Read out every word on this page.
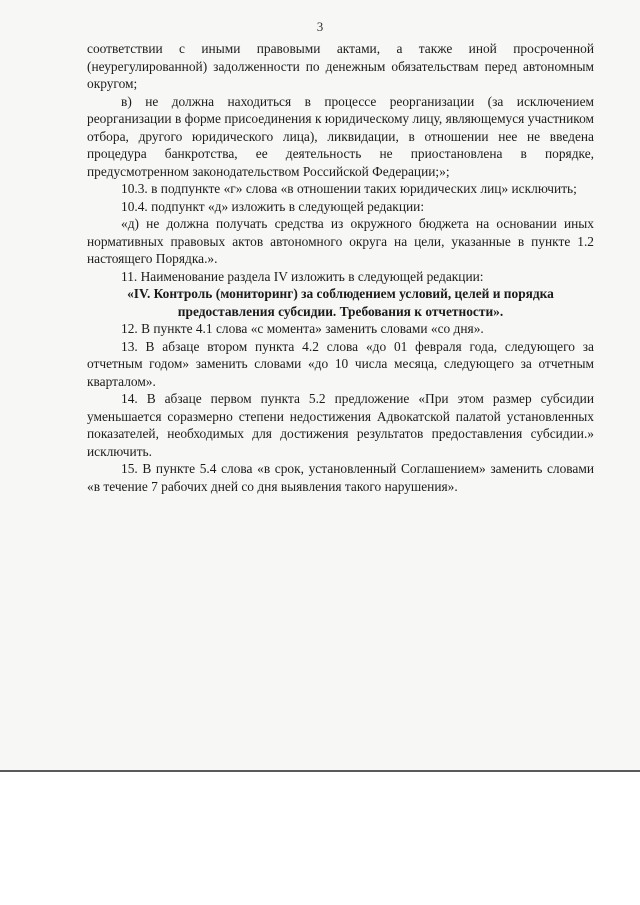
3

соответствии с иными правовыми актами, а также иной просроченной (неурегулированной) задолженности по денежным обязательствам перед автономным округом;

в) не должна находиться в процессе реорганизации (за исключением реорганизации в форме присоединения к юридическому лицу, являющемуся участником отбора, другого юридического лица), ликвидации, в отношении нее не введена процедура банкротства, ее деятельность не приостановлена в порядке, предусмотренном законодательством Российской Федерации;»;

10.3. в подпункте «г» слова «в отношении таких юридических лиц» исключить;

10.4. подпункт «д» изложить в следующей редакции:

«д) не должна получать средства из окружного бюджета на основании иных нормативных правовых актов автономного округа на цели, указанные в пункте 1.2 настоящего Порядка.».

11. Наименование раздела IV изложить в следующей редакции:

«IV. Контроль (мониторинг) за соблюдением условий, целей и порядка предоставления субсидии. Требования к отчетности».

12. В пункте 4.1 слова «с момента» заменить словами «со дня».

13. В абзаце втором пункта 4.2 слова «до 01 февраля года, следующего за отчетным годом» заменить словами «до 10 числа месяца, следующего за отчетным кварталом».

14. В абзаце первом пункта 5.2 предложение «При этом размер субсидии уменьшается соразмерно степени недостижения Адвокатской палатой установленных показателей, необходимых для достижения результатов предоставления субсидии.» исключить.

15. В пункте 5.4 слова «в срок, установленный Соглашением» заменить словами «в течение 7 рабочих дней со дня выявления такого нарушения».
